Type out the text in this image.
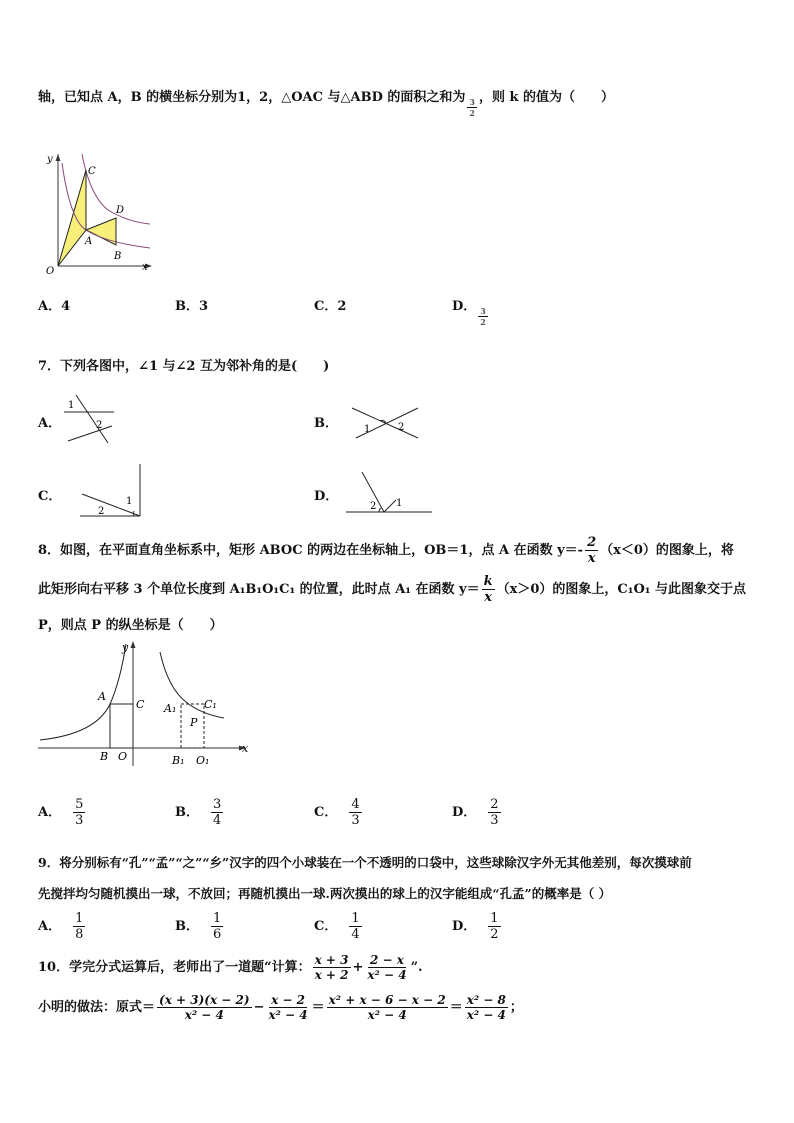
轴，已知点 A，B 的横坐标分别为1，2，△OAC 与△ABD 的面积之和为
$\frac{3}{2}$
，则 k 的值为（　　）
y
C
D
A
B
O	x
A．4	B．3	C．2	D．
$\frac{3}{2}$
7．下列各图中，∠1 与∠2 互为邻补角的是(　　)
A．
1
2	B．	1	2
C．	1
2
D．	1
2
8．如图，在平面直角坐标系中，矩形 ABOC 的两边在坐标轴上，OB＝1，点 A 在函数 $y=- \frac{2}{x} (x<0)$的图象上，将
此矩形向右平移 3 个单位长度到 A₁B₁O₁C₁ 的位置，此时点 A₁ 在函数 $y= \frac{k}{x} (x>0)$的图象上，C₁O₁ 与此图象交于点
P，则点 P 的纵坐标是（　　）
y
x
A
C
B O
A₁	C₁
P
B₁ O₁
A． $\frac{5}{3}$	B． $\frac{3}{4}$	C． $\frac{4}{3}$	D． $\frac{2}{3}$
9．将分别标有“孔”“孟”“之”“乡”汉字的四个小球装在一个不透明的口袋中，这些球除汉字外无其他差别，每次摸球前
先搅拌均匀随机摸出一球，不放回；再随机摸出一球.两次摸出的球上的汉字能组成“孔孟”的概率是（ ）
A． $\frac{1}{8}$	B． $\frac{1}{6}$	C． $\frac{1}{4}$	D． $\frac{1}{2}$
10．学完分式运算后，老师出了一道题“计算： $\frac{x + 3}{x + 2} + \frac{2 - x}{\text{x² − 4}}$ ”.
小明的做法：原式＝ $\frac{(x + 3)(x - 2)}{\text{x² − 4}} - \frac{x - 2}{\text{x² − 4}} = \frac{\text{x² + x − 6 − x − 2}}{\text{x² − 4}} = \frac{\text{x² − 8}}{\text{x² − 4}}$ ；
